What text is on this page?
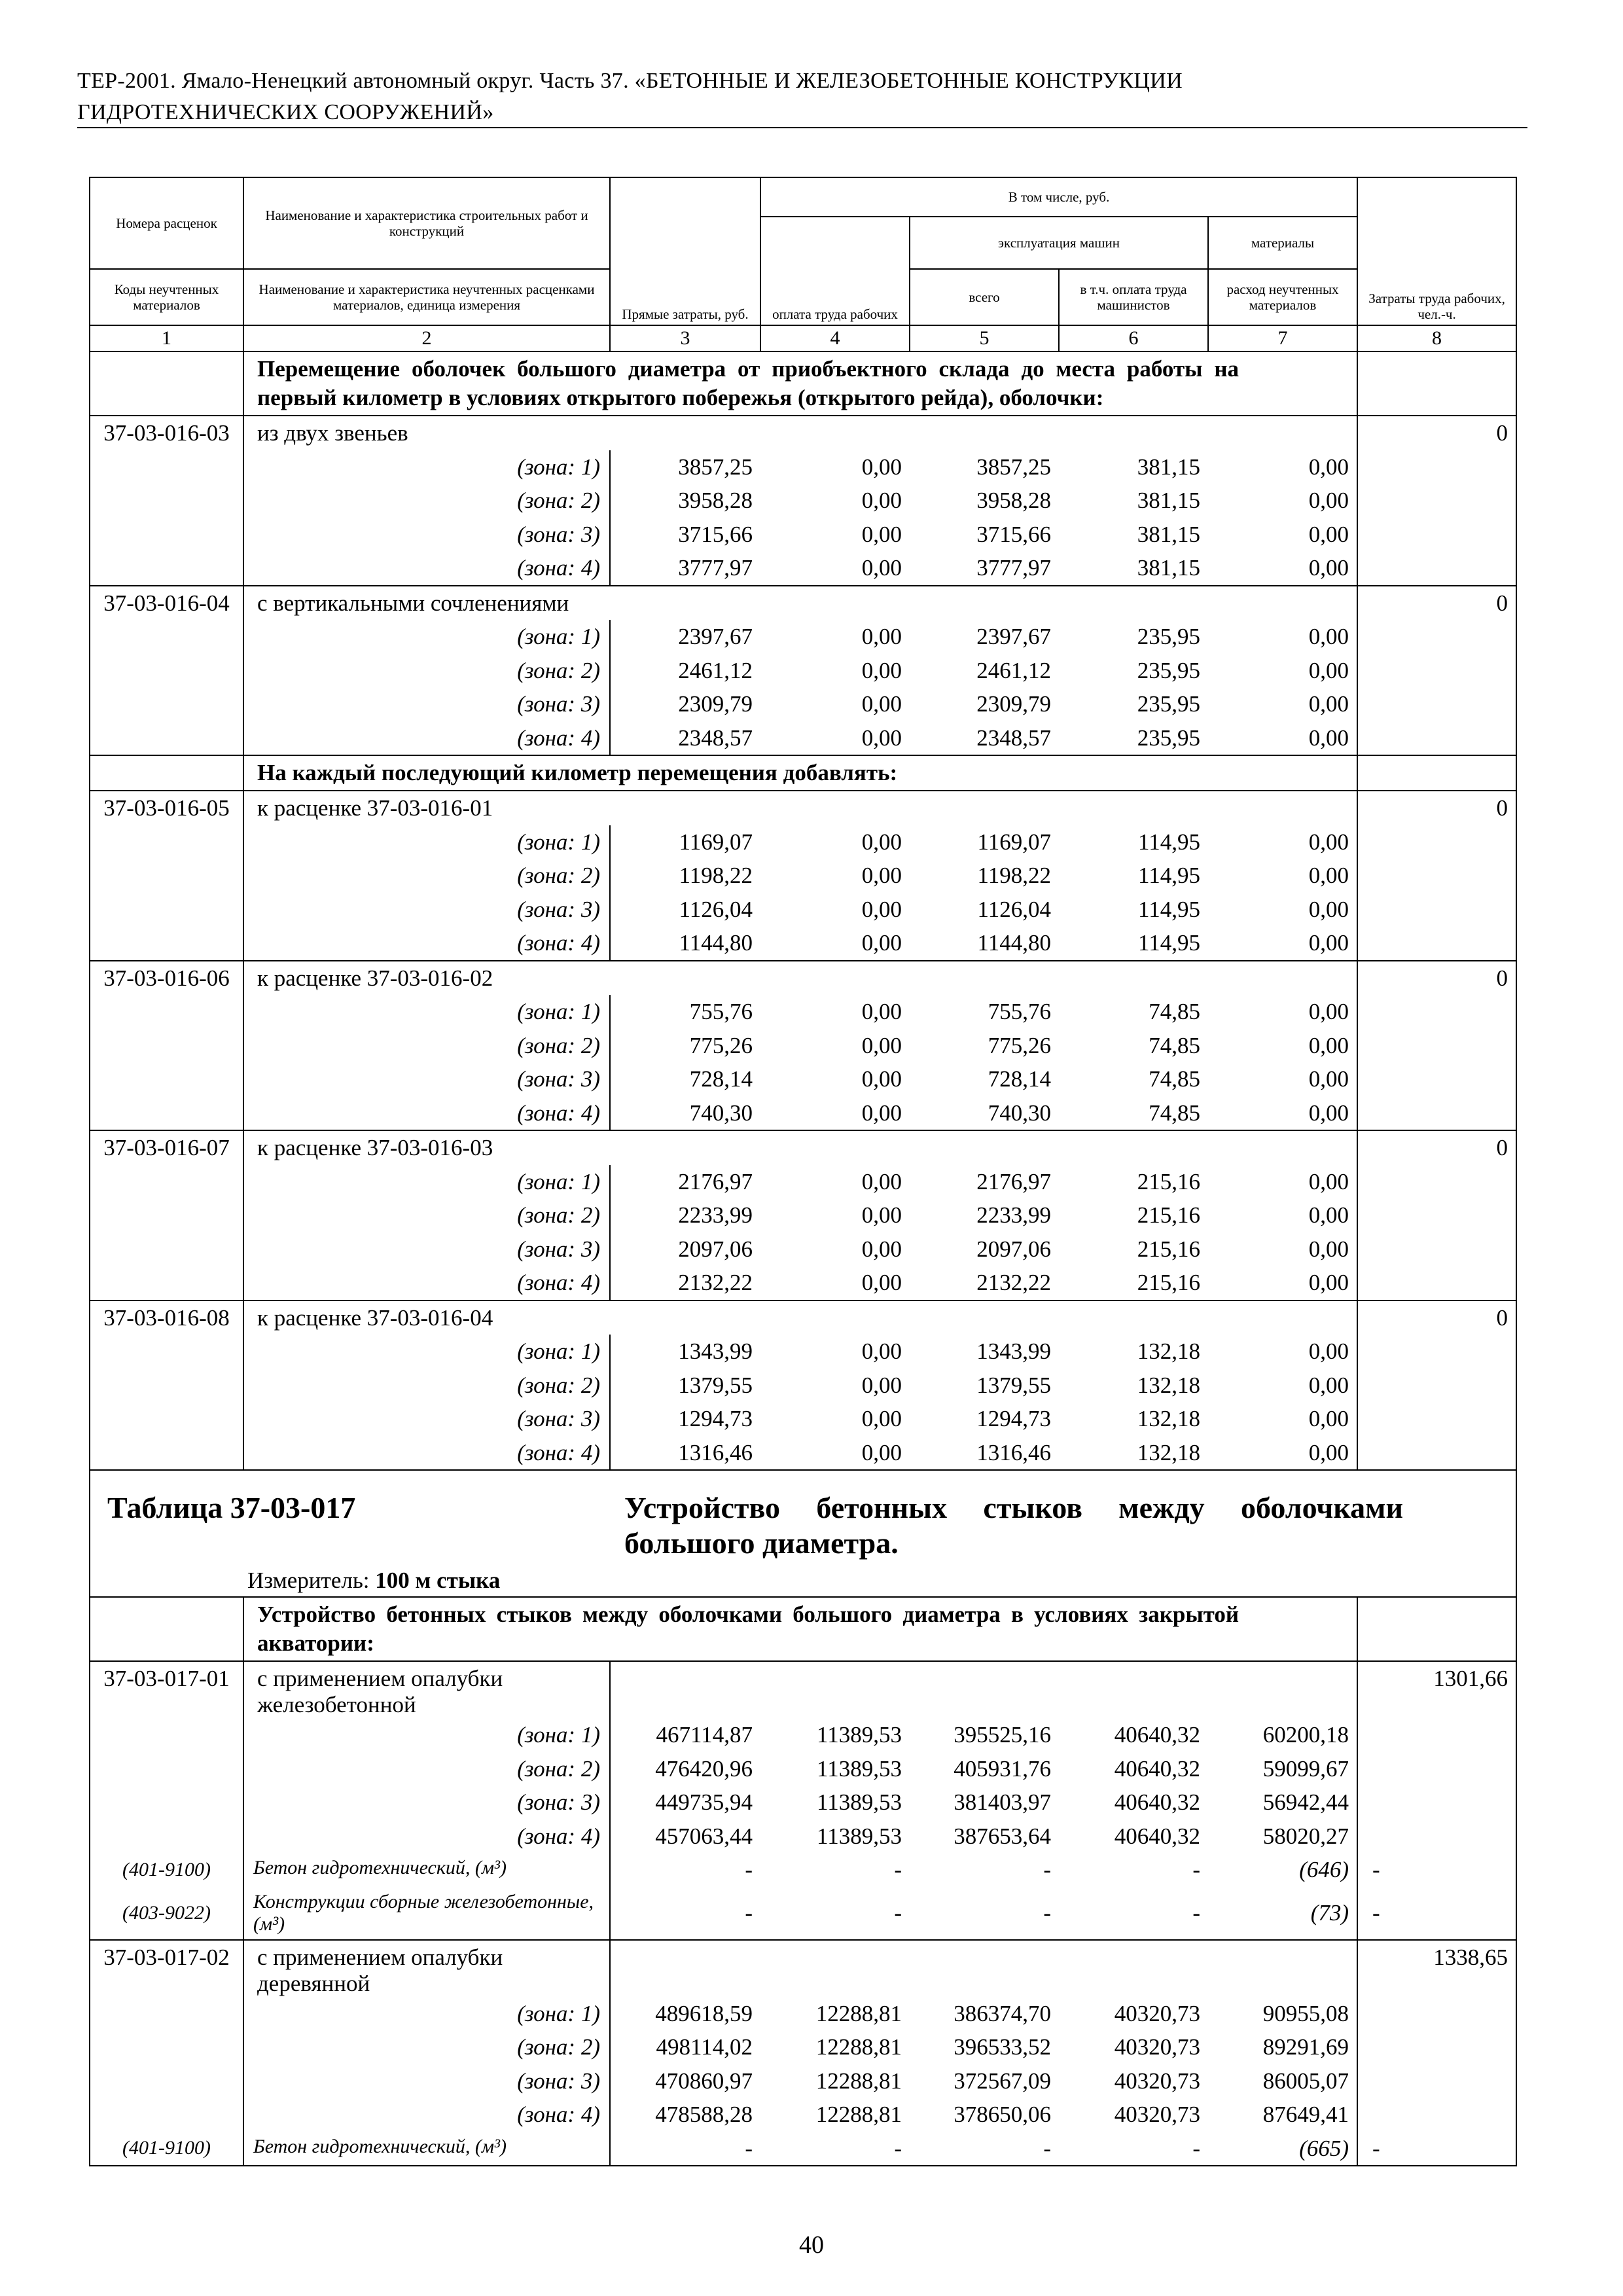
ТЕР-2001. Ямало-Ненецкий автономный округ. Часть 37. «БЕТОННЫЕ И ЖЕЛЕЗОБЕТОННЫЕ КОНСТРУКЦИИ
ГИДРОТЕХНИЧЕСКИХ СООРУЖЕНИЙ»
Номера расценок	Наименование и характеристика строительных работ и конструкций	Прямые затраты, руб.	В том числе, руб.				Затраты труда рабочих, чел.-ч.
			оплата труда рабочих	эксплуатация машин		материалы	
Коды неучтенных материалов	Наименование и характеристика неучтенных расценками материалов, единица измерения			всего	в т.ч. оплата труда машинистов	расход неучтенных материалов	
1	2	3	4	5	6	7	8
	Перемещение оболочек большого диаметра от приобъектного склада до места работы на первый километр в условиях открытого побережья (открытого рейда), оболочки:						
37-03-016-03	из двух звеньев						0
	(зона: 1)	3857,25	0,00	3857,25	381,15	0,00	
	(зона: 2)	3958,28	0,00	3958,28	381,15	0,00	
	(зона: 3)	3715,66	0,00	3715,66	381,15	0,00	
	(зона: 4)	3777,97	0,00	3777,97	381,15	0,00	
37-03-016-04	с вертикальными сочленениями						0
	(зона: 1)	2397,67	0,00	2397,67	235,95	0,00	
	(зона: 2)	2461,12	0,00	2461,12	235,95	0,00	
	(зона: 3)	2309,79	0,00	2309,79	235,95	0,00	
	(зона: 4)	2348,57	0,00	2348,57	235,95	0,00	
	На каждый последующий километр перемещения добавлять:						
37-03-016-05	к расценке 37-03-016-01						0
	(зона: 1)	1169,07	0,00	1169,07	114,95	0,00	
	(зона: 2)	1198,22	0,00	1198,22	114,95	0,00	
	(зона: 3)	1126,04	0,00	1126,04	114,95	0,00	
	(зона: 4)	1144,80	0,00	1144,80	114,95	0,00	
37-03-016-06	к расценке 37-03-016-02						0
	(зона: 1)	755,76	0,00	755,76	74,85	0,00	
	(зона: 2)	775,26	0,00	775,26	74,85	0,00	
	(зона: 3)	728,14	0,00	728,14	74,85	0,00	
	(зона: 4)	740,30	0,00	740,30	74,85	0,00	
37-03-016-07	к расценке 37-03-016-03						0
	(зона: 1)	2176,97	0,00	2176,97	215,16	0,00	
	(зона: 2)	2233,99	0,00	2233,99	215,16	0,00	
	(зона: 3)	2097,06	0,00	2097,06	215,16	0,00	
	(зона: 4)	2132,22	0,00	2132,22	215,16	0,00	
37-03-016-08	к расценке 37-03-016-04						0
	(зона: 1)	1343,99	0,00	1343,99	132,18	0,00	
	(зона: 2)	1379,55	0,00	1379,55	132,18	0,00	
	(зона: 3)	1294,73	0,00	1294,73	132,18	0,00	
	(зона: 4)	1316,46	0,00	1316,46	132,18	0,00	

Таблица 37-03-017 Устройство бетонных стыков между оболочками большого диаметра.
Измеритель: 100 м стыка							

	Устройство бетонных стыков между оболочками большого диаметра в условиях закрытой акватории:						
37-03-017-01	с применением опалубки железобетонной						1301,66
	(зона: 1)	467114,87	11389,53	395525,16	40640,32	60200,18	
	(зона: 2)	476420,96	11389,53	405931,76	40640,32	59099,67	
	(зона: 3)	449735,94	11389,53	381403,97	40640,32	56942,44	
	(зона: 4)	457063,44	11389,53	387653,64	40640,32	58020,27	
(401-9100)	Бетон гидротехнический, (м³)	-	-	-	-	(646)	-
(403-9022)	Конструкции сборные железобетонные, (м³)	-	-	-	-	(73)	-
37-03-017-02	с применением опалубки деревянной						1338,65
	(зона: 1)	489618,59	12288,81	386374,70	40320,73	90955,08	
	(зона: 2)	498114,02	12288,81	396533,52	40320,73	89291,69	
	(зона: 3)	470860,97	12288,81	372567,09	40320,73	86005,07	
	(зона: 4)	478588,28	12288,81	378650,06	40320,73	87649,41	
(401-9100)	Бетон гидротехнический, (м³)	-	-	-	-	(665)	-
40
